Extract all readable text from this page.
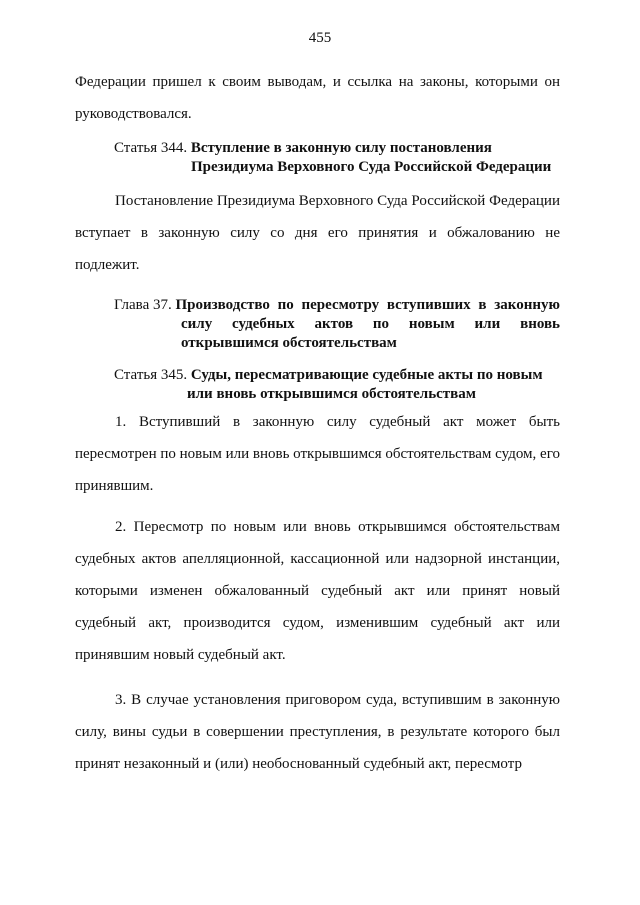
455
Федерации пришел к своим выводам, и ссылка на законы, которыми он руководствовался.
Статья 344. Вступление в законную силу постановления
Президиума Верховного Суда Российской Федерации
Постановление Президиума Верховного Суда Российской Федерации вступает в законную силу со дня его принятия и обжалованию не подлежит.
Глава 37. Производство по пересмотру вступивших в законную
силу судебных актов по новым или вновь
открывшимся обстоятельствам
Статья 345. Суды, пересматривающие судебные акты по новым
или вновь открывшимся обстоятельствам
1. Вступивший в законную силу судебный акт может быть пересмотрен по новым или вновь открывшимся обстоятельствам судом, его принявшим.
2. Пересмотр по новым или вновь открывшимся обстоятельствам судебных актов апелляционной, кассационной или надзорной инстанции, которыми изменен обжалованный судебный акт или принят новый судебный акт, производится судом, изменившим судебный акт или принявшим новый судебный акт.
3. В случае установления приговором суда, вступившим в законную силу, вины судьи в совершении преступления, в результате которого был принят незаконный и (или) необоснованный судебный акт, пересмотр
